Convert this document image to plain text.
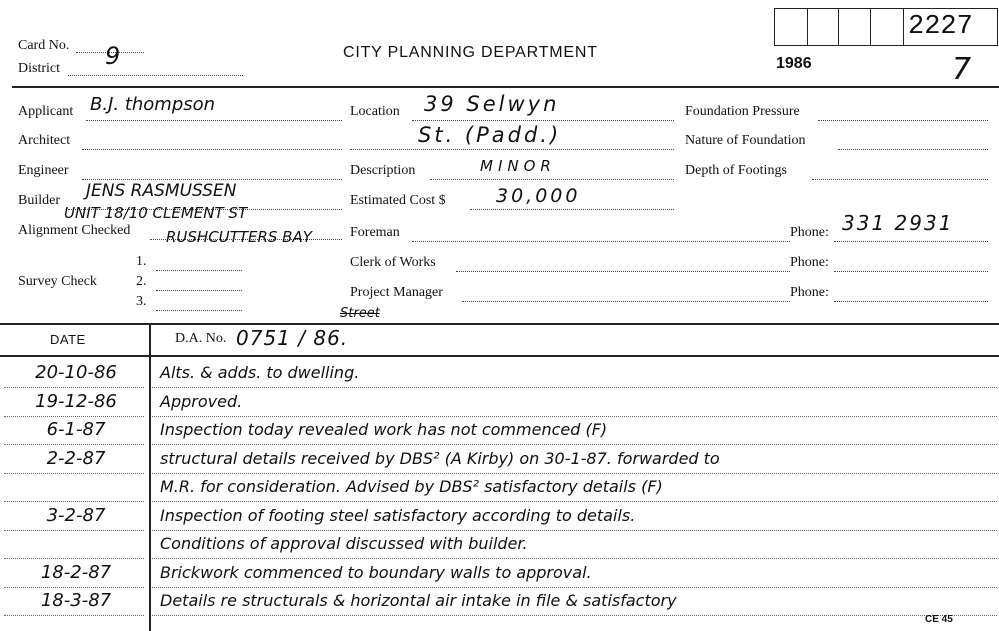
Card No.
District 9	CITY PLANNING DEPARTMENT
1986
2227
7
Applicant B.J. thompson
Architect
Engineer
Builder JENS RASMUSSEN
UNIT 18/10 CLEMENT ST
Alignment Checked RUSHCUTTERS BAY
1.
Survey Check	2.
3.
Location 39 Selwyn
St. (Padd.)
Description	MINOR
Estimated Cost $	30,000
Foreman
Clerk of Works
Project Manager
Foundation Pressure
Nature of Foundation
Depth of Footings
Phone: 331 2931
Phone:
Phone:
DATE	D.A. No. 0751 / 86.
Street
20-10-86	Alts. & adds. to dwelling.
19-12-86	Approved.
6-1-87	Inspection today revealed work has not commenced (F)
2-2-87	structural details received by DBS² (A Kirby) on 30-1-87. forwarded to
M.R. for consideration. Advised by DBS² satisfactory details (F)
3-2-87	Inspection of footing steel satisfactory according to details.
Conditions of approval discussed with builder.
18-2-87	Brickwork commenced to boundary walls to approval.
18-3-87	Details re structurals & horizontal air intake in file & satisfactory
CE 45
